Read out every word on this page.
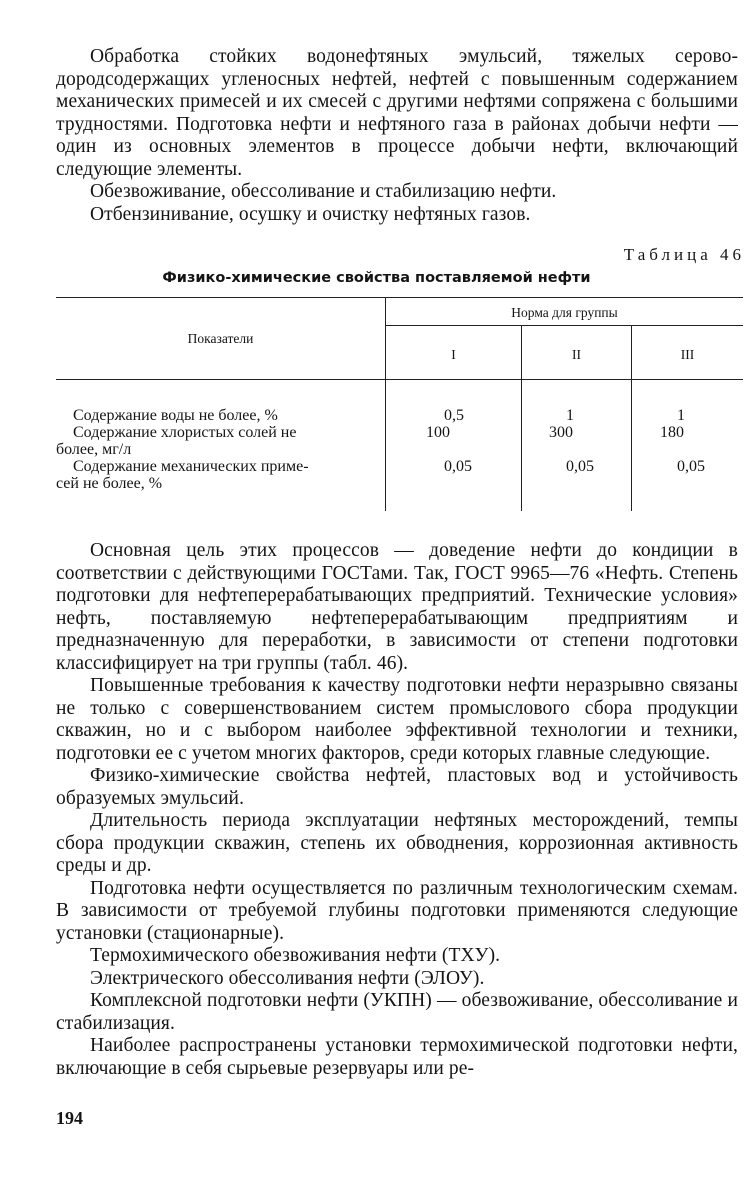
Обработка стойких водонефтяных эмульсий, тяжелых сероводородсодержащих угленосных нефтей, нефтей с повышенным содержанием механических примесей и их смесей с другими нефтями сопряжена с большими трудностями. Подготовка нефти и нефтяного газа в районах добычи нефти — один из основных элементов в процессе добычи нефти, включающий следующие элементы.

Обезвоживание, обессоливание и стабилизацию нефти.

Отбензинивание, осушку и очистку нефтяных газов.

Таблица 46
Физико-химические свойства поставляемой нефти
Показатели
Норма для группы
I	II	III
Содержание воды не более, %	0,5	1	1
Содержание хлористых солей не
более, мг/л
100	300	180
Содержание механических приме-
сей не более, %
0,05	0,05	0,05

Основная цель этих процессов — доведение нефти до кондиции в соответствии с действующими ГОСТами. Так, ГОСТ 9965—76 «Нефть. Степень подготовки для нефтеперерабатывающих предприятий. Технические условия» нефть, поставляемую нефтеперерабатывающим предприятиям и предназначенную для переработки, в зависимости от степени подготовки классифицирует на три группы (табл. 46).

Повышенные требования к качеству подготовки нефти неразрывно связаны не только с совершенствованием систем промыслового сбора продукции скважин, но и с выбором наиболее эффективной технологии и техники, подготовки ее с учетом многих факторов, среди которых главные следующие.

Физико-химические свойства нефтей, пластовых вод и устойчивость образуемых эмульсий.

Длительность периода эксплуатации нефтяных месторождений, темпы сбора продукции скважин, степень их обводнения, коррозионная активность среды и др.

Подготовка нефти осуществляется по различным технологическим схемам. В зависимости от требуемой глубины подготовки применяются следующие установки (стационарные).

Термохимического обезвоживания нефти (ТХУ).

Электрического обессоливания нефти (ЭЛОУ).

Комплексной подготовки нефти (УКПН) — обезвоживание, обессоливание и стабилизация.

Наиболее распространены установки термохимической подготовки нефти, включающие в себя сырьевые резервуары или ре-

194
